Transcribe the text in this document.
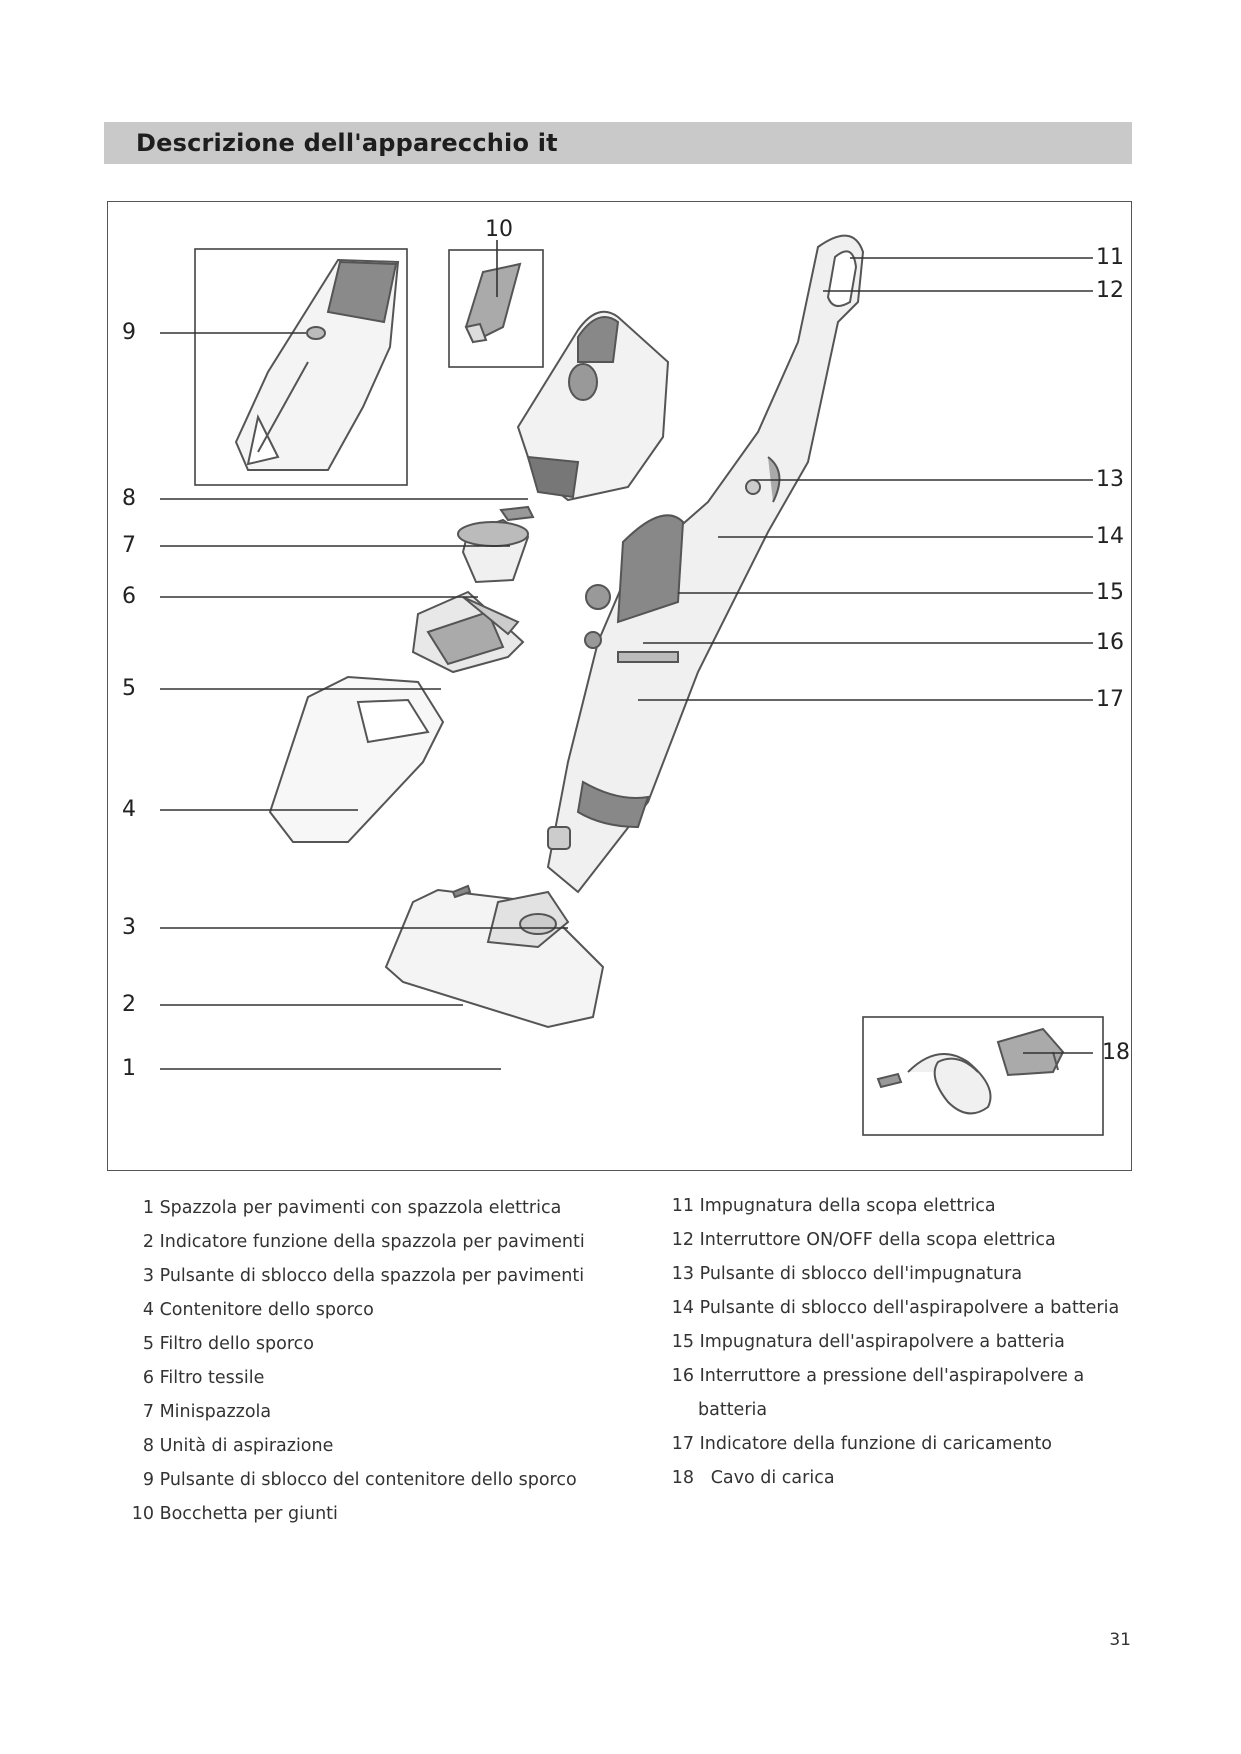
Descrizione dell'apparecchio it
1
2
3
4
5
6
7
8
9
10
11
12
13
14
15
16
17
18
1 Spazzola per pavimenti con spazzola elettrica
2 Indicatore funzione della spazzola per pavimenti
3 Pulsante di sblocco della spazzola per pavimenti
4 Contenitore dello sporco
5 Filtro dello sporco
6 Filtro tessile
7 Minispazzola
8 Unità di aspirazione
9 Pulsante di sblocco del contenitore dello sporco
10 Bocchetta per giunti
11 Impugnatura della scopa elettrica
12 Interruttore ON/OFF della scopa elettrica
13 Pulsante di sblocco dell'impugnatura
14 Pulsante di sblocco dell'aspirapolvere a batteria
15 Impugnatura dell'aspirapolvere a batteria
16 Interruttore a pressione dell'aspirapolvere a
batteria
17 Indicatore della funzione di caricamento
18 Cavo di carica
31
